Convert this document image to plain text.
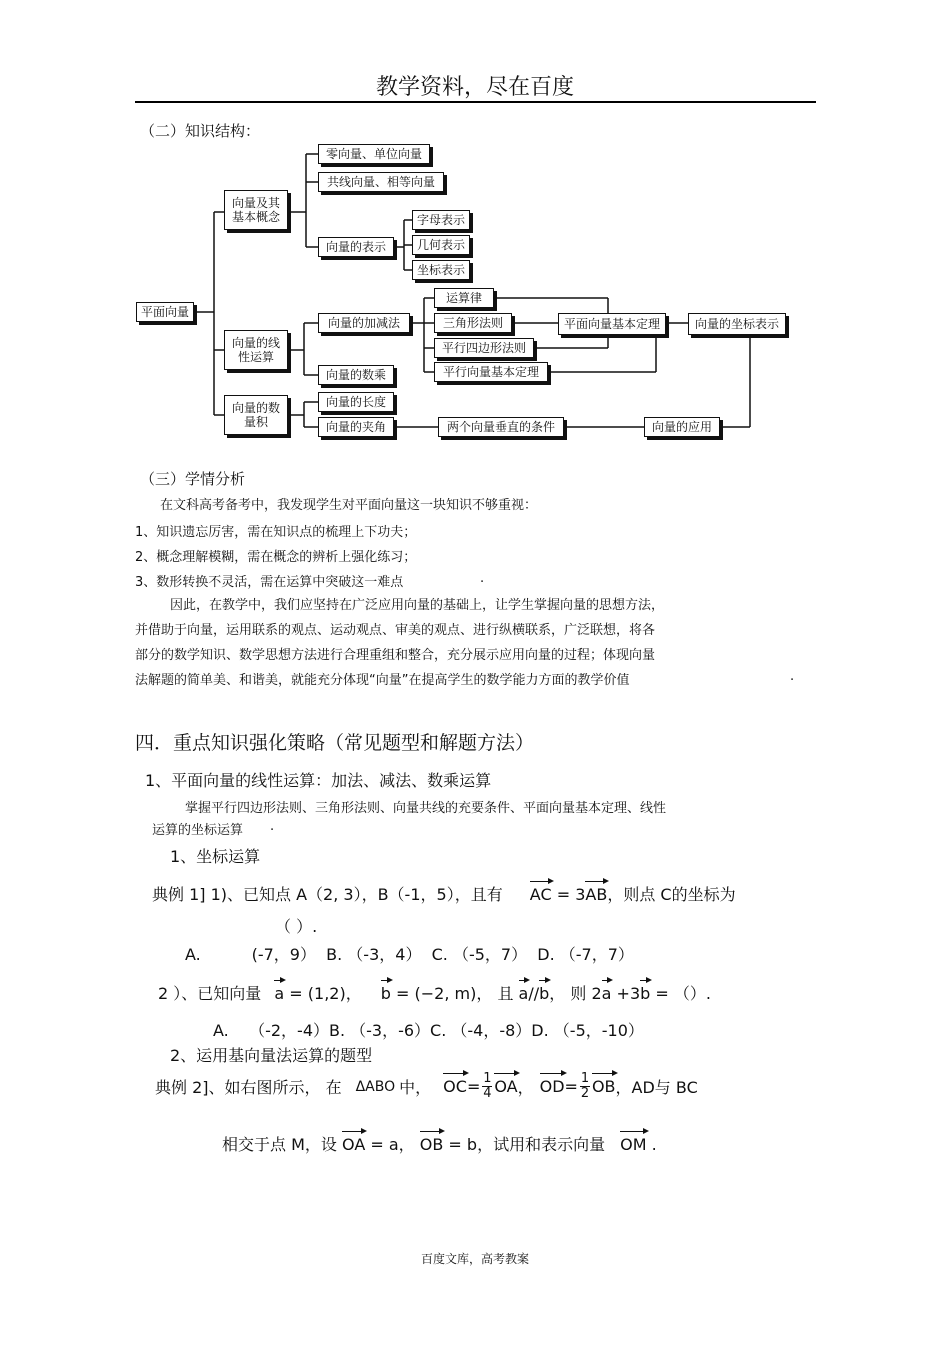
教学资料，尽在百度
（二）知识结构：
平面向量
向量及其
基本概念
零向量、单位向量
共线向量、相等向量
向量的表示
字母表示
几何表示
坐标表示
向量的线
性运算
向量的加减法
向量的数乘
运算律
三角形法则
平行四边形法则
平行向量基本定理
平面向量基本定理	向量的坐标表示
向量的数
量积
向量的长度
向量的夹角	两个向量垂直的条件	向量的应用
（三）学情分析
在文科高考备考中，我发现学生对平面向量这一块知识不够重视：
1、知识遗忘厉害，需在知识点的梳理上下功夫；
2、概念理解模糊，需在概念的辨析上强化练习；
3、数形转换不灵活，需在运算中突破这一难点	.
因此，在教学中，我们应坚持在广泛应用向量的基础上，让学生掌握向量的思想方法，
并借助于向量，运用联系的观点、运动观点、审美的观点、进行纵横联系，广泛联想，将各
部分的数学知识、数学思想方法进行合理重组和整合，充分展示应用向量的过程；体现向量
法解题的简单美、和谐美，就能充分体现“向量”在提高学生的数学能力方面的教学价值	.
四．重点知识强化策略（常见题型和解题方法）
1、平面向量的线性运算：加法、减法、数乘运算
掌握平行四边形法则、三角形法则、向量共线的充要条件、平面向量基本定理、线性
运算的坐标运算 .
1、坐标运算
典例 1] 1)、已知点 A（2, 3），B（-1，5），且有 AC = 3AB，则点 C的坐标为
（ ）.
A.          (-7，9）  B. （-3，4）  C. （-5，7）  D. （-7，7）
2 ）、已知向量 a = (1,2)， b = (−2, m)， 且 a//b， 则 2a +3b = （）.
A.    （-2，-4）B. （-3，-6）C. （-4，-8）D. （-5，-10）
2、运用基向量法运算的题型
典例 2]、如右图所示， 在 ΔABO 中， OC = $\frac{1}{4}$ OA ， OD = $\frac{1}{2}$ OB ，AD与 BC
相交于点 M，设 OA = a， OB = b，试用和表示向量 OM .
百度文库，高考教案
